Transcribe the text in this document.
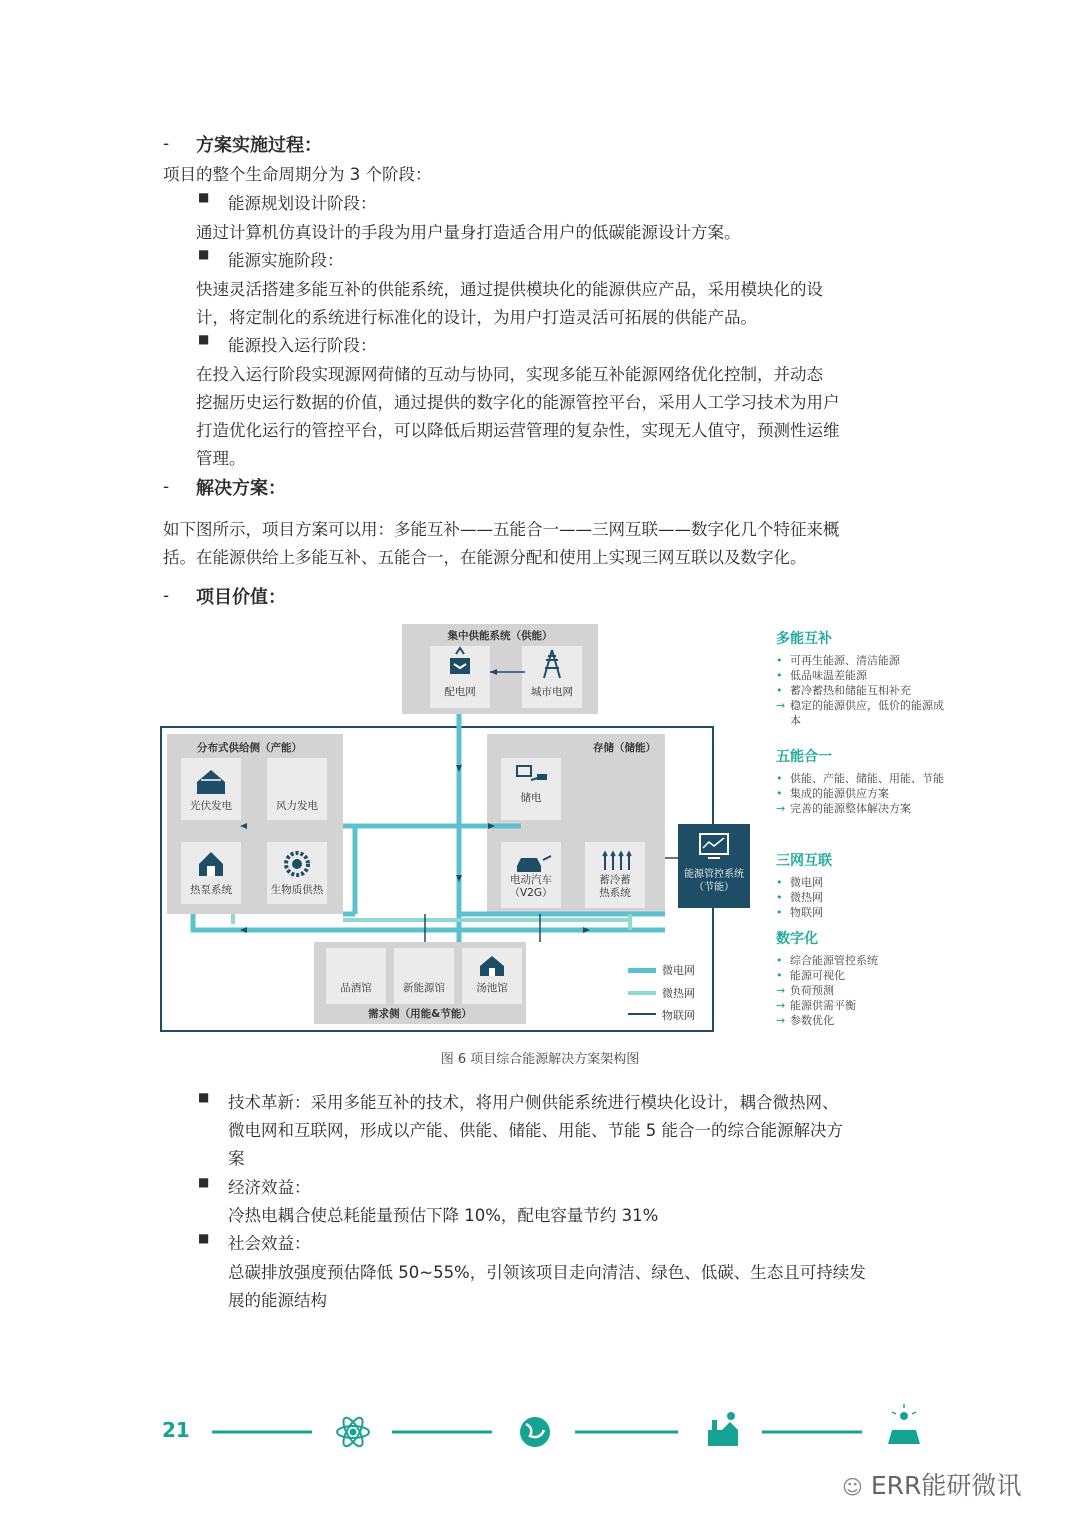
- 方案实施过程：
项目的整个生命周期分为 3 个阶段：
■ 能源规划设计阶段：
通过计算机仿真设计的手段为用户量身打造适合用户的低碳能源设计方案。
■ 能源实施阶段：
快速灵活搭建多能互补的供能系统，通过提供模块化的能源供应产品，采用模块化的设
计，将定制化的系统进行标准化的设计，为用户打造灵活可拓展的供能产品。
■ 能源投入运行阶段：
在投入运行阶段实现源网荷储的互动与协同，实现多能互补能源网络优化控制，并动态
挖掘历史运行数据的价值，通过提供的数字化的能源管控平台，采用人工学习技术为用户
打造优化运行的管控平台，可以降低后期运营管理的复杂性，实现无人值守，预测性运维
管理。
- 解决方案：
如下图所示，项目方案可以用：多能互补——五能合一——三网互联——数字化几个特征来概
括。在能源供给上多能互补、五能合一，在能源分配和使用上实现三网互联以及数字化。
- 项目价值：
集中供能系统（供能）
配电网	城市电网
分布式供给侧（产能）
光伏发电	风力发电
热泵系统	生物质供热
存储（储能）
储电
电动汽车
（V2G）
蓄冷蓄
热系统
品酒馆	新能源馆	汤池馆
需求侧（用能&节能）
能源管控系统
（节能）
微电网
微热网
物联网
多能互补
• 可再生能源、清洁能源
• 低品味温差能源
• 蓄冷蓄热和储能互相补充
→ 稳定的能源供应，低价的能源成
本
五能合一
• 供能、产能、储能、用能、节能
• 集成的能源供应方案
→ 完善的能源整体解决方案
三网互联
• 微电网
• 微热网
• 物联网
数字化
• 综合能源管控系统
• 能源可视化
→ 负荷预测
→ 能源供需平衡
→ 参数优化
图 6 项目综合能源解决方案架构图
■ 技术革新：采用多能互补的技术，将用户侧供能系统进行模块化设计，耦合微热网、
微电网和互联网，形成以产能、供能、储能、用能、节能 5 能合一的综合能源解决方
案
■ 经济效益：
冷热电耦合使总耗能量预估下降 10%，配电容量节约 31%
■ 社会效益：
总碳排放强度预估降低 50~55%，引领该项目走向清洁、绿色、低碳、生态且可持续发
展的能源结构
21
☺ ERR能研微讯
